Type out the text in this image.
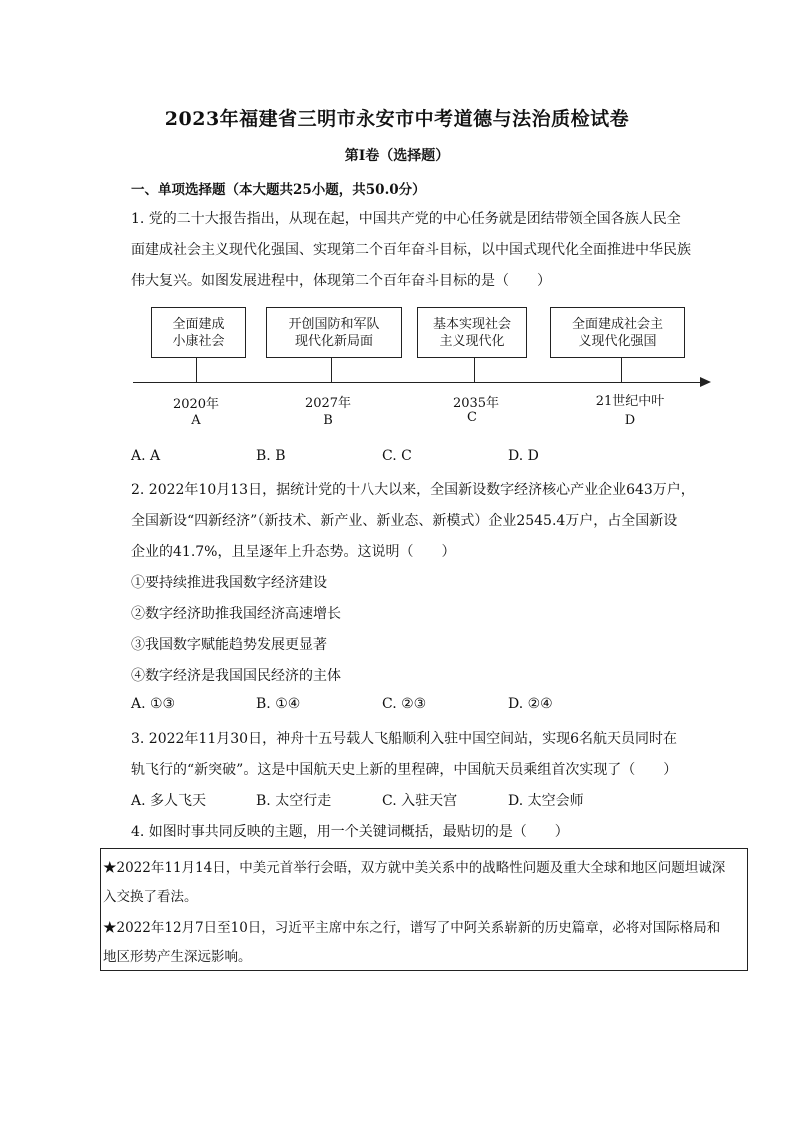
2023年福建省三明市永安市中考道德与法治质检试卷
第Ⅰ卷（选择题）
一、单项选择题（本大题共25小题，共50.0分）
1. 党的二十大报告指出，从现在起，中国共产党的中心任务就是团结带领全国各族人民全
面建成社会主义现代化强国、实现第二个百年奋斗目标，以中国式现代化全面推进中华民族
伟大复兴。如图发展进程中，体现第二个百年奋斗目标的是（　　）
全面建成
小康社会
开创国防和军队
现代化新局面
基本实现社会
主义现代化
全面建成社会主
义现代化强国
2020年	2027年	2035年	21世纪中叶
A	B	C	D
A. A	B. B	C. C	D. D
2. 2022年10月13日，据统计党的十八大以来，全国新设数字经济核心产业企业643万户，
全国新设“四新经济”（新技术、新产业、新业态、新模式）企业2545.4万户，占全国新设
企业的41.7%，且呈逐年上升态势。这说明（　　）
①要持续推进我国数字经济建设
②数字经济助推我国经济高速增长
③我国数字赋能趋势发展更显著
④数字经济是我国国民经济的主体
A. ①③	B. ①④	C. ②③	D. ②④
3. 2022年11月30日，神舟十五号载人飞船顺利入驻中国空间站，实现6名航天员同时在
轨飞行的“新突破”。这是中国航天史上新的里程碑，中国航天员乘组首次实现了（　　）
A. 多人飞天	B. 太空行走	C. 入驻天宫	D. 太空会师
4. 如图时事共同反映的主题，用一个关键词概括，最贴切的是（　　）
★2022年11月14日，中美元首举行会晤，双方就中美关系中的战略性问题及重大全球和地区问题坦诚深
入交换了看法。
★2022年12月7日至10日，习近平主席中东之行，谱写了中阿关系崭新的历史篇章，必将对国际格局和
地区形势产生深远影响。
